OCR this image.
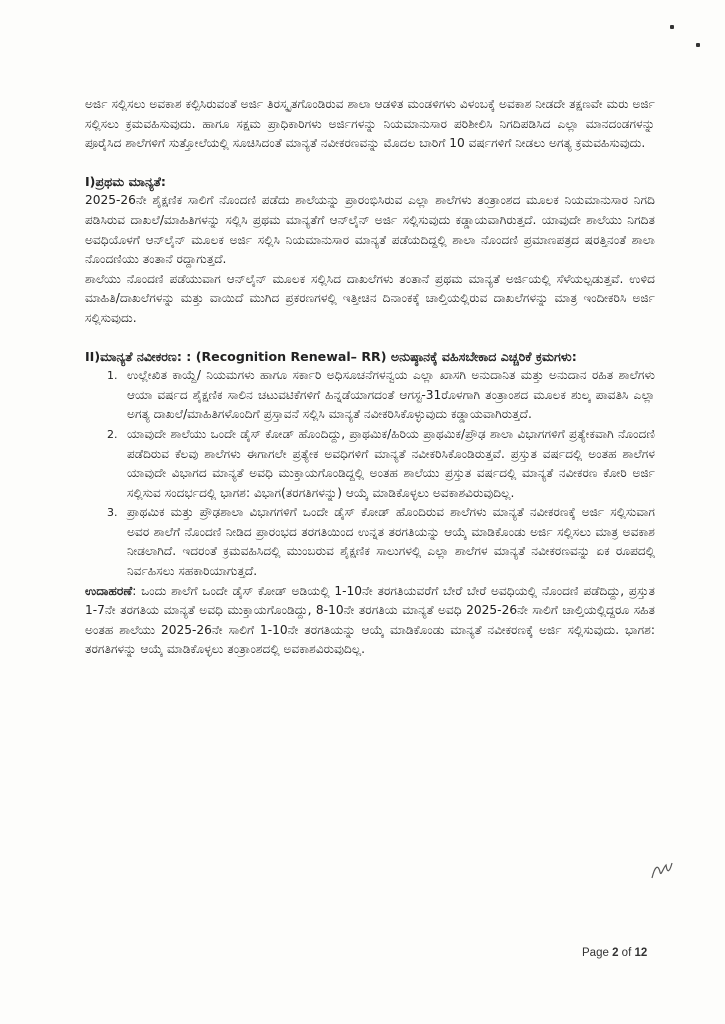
ಅರ್ಜಿ ಸಲ್ಲಿಸಲು ಅವಕಾಶ ಕಲ್ಪಿಸಿರುವಂತೆ ಅರ್ಜಿ ತಿರಸ್ಕೃತಗೊಂಡಿರುವ ಶಾಲಾ ಆಡಳಿತ ಮಂಡಳಿಗಳು ವಿಳಂಬಕ್ಕೆ ಅವಕಾಶ ನೀಡದೇ ತಕ್ಷಣವೇ ಮರು ಅರ್ಜಿ ಸಲ್ಲಿಸಲು ಕ್ರಮವಹಿಸುವುದು. ಹಾಗೂ ಸಕ್ಷಮ ಪ್ರಾಧಿಕಾರಿಗಳು ಅರ್ಜಿಗಳನ್ನು ನಿಯಮಾನುಸಾರ ಪರಿಶೀಲಿಸಿ ನಿಗದಿಪಡಿಸಿದ ಎಲ್ಲಾ ಮಾನದಂಡಗಳನ್ನು ಪೂರೈಸಿದ ಶಾಲೆಗಳಿಗೆ ಸುತ್ತೋಲೆಯಲ್ಲಿ ಸೂಚಿಸಿದಂತೆ ಮಾನ್ಯತೆ ನವೀಕರಣವನ್ನು ಮೊದಲ ಬಾರಿಗೆ 10 ವರ್ಷಗಳಿಗೆ ನೀಡಲು ಅಗತ್ಯ ಕ್ರಮವಹಿಸುವುದು.

I)ಪ್ರಥಮ ಮಾನ್ಯತೆ:

2025-26ನೇ ಶೈಕ್ಷಣಿಕ ಸಾಲಿಗೆ ನೊಂದಣಿ ಪಡೆದು ಶಾಲೆಯನ್ನು ಪ್ರಾರಂಭಿಸಿರುವ ಎಲ್ಲಾ ಶಾಲೆಗಳು ತಂತ್ರಾಂಶದ ಮೂಲಕ ನಿಯಮಾನುಸಾರ ನಿಗದಿ ಪಡಿಸಿರುವ ದಾಖಲೆ/ಮಾಹಿತಿಗಳನ್ನು ಸಲ್ಲಿಸಿ ಪ್ರಥಮ ಮಾನ್ಯತೆಗೆ ಆನ್‌ಲೈನ್ ಅರ್ಜಿ ಸಲ್ಲಿಸುವುದು ಕಡ್ಡಾಯವಾಗಿರುತ್ತದೆ. ಯಾವುದೇ ಶಾಲೆಯು ನಿಗದಿತ ಅವಧಿಯೊಳಗೆ ಆನ್‌ಲೈನ್ ಮೂಲಕ ಅರ್ಜಿ ಸಲ್ಲಿಸಿ ನಿಯಮಾನುಸಾರ ಮಾನ್ಯತೆ ಪಡೆಯದಿದ್ದಲ್ಲಿ ಶಾಲಾ ನೊಂದಣಿ ಪ್ರಮಾಣಪತ್ರದ ಷರತ್ತಿನಂತೆ ಶಾಲಾ ನೊಂದಣಿಯು ತಂತಾನೆ ರದ್ದಾಗುತ್ತದೆ.

ಶಾಲೆಯು ನೊಂದಣಿ ಪಡೆಯುವಾಗ ಆನ್‌ಲೈನ್ ಮೂಲಕ ಸಲ್ಲಿಸಿದ ದಾಖಲೆಗಳು ತಂತಾನೆ ಪ್ರಥಮ ಮಾನ್ಯತೆ ಅರ್ಜಿಯಲ್ಲಿ ಸೆಳೆಯಲ್ಪಡುತ್ತವೆ. ಉಳಿದ ಮಾಹಿತಿ/ದಾಖಲೆಗಳನ್ನು ಮತ್ತು ವಾಯಿದೆ ಮುಗಿದ ಪ್ರಕರಣಗಳಲ್ಲಿ ಇತ್ತೀಚಿನ ದಿನಾಂಕಕ್ಕೆ ಚಾಲ್ತಿಯಲ್ಲಿರುವ ದಾಖಲೆಗಳನ್ನು ಮಾತ್ರ ಇಂದೀಕರಿಸಿ ಅರ್ಜಿ ಸಲ್ಲಿಸುವುದು.

II)ಮಾನ್ಯತೆ ನವೀಕರಣ: : (Recognition Renewal– RR) ಅನುಷ್ಠಾನಕ್ಕೆ ವಹಿಸಬೇಕಾದ ಎಚ್ಚರಿಕೆ ಕ್ರಮಗಳು:

1. ಉಲ್ಲೇಖಿತ ಕಾಯ್ದೆ/ ನಿಯಮಗಳು ಹಾಗೂ ಸರ್ಕಾರಿ ಅಧಿಸೂಚನೆಗಳನ್ವಯ ಎಲ್ಲಾ ಖಾಸಗಿ ಅನುದಾನಿತ ಮತ್ತು ಅನುದಾನ ರಹಿತ ಶಾಲೆಗಳು ಆಯಾ ವರ್ಷದ ಶೈಕ್ಷಣಿಕ ಸಾಲಿನ ಚಟುವಟಿಕೆಗಳಿಗೆ ಹಿನ್ನಡೆಯಾಗದಂತೆ ಆಗಸ್ಟ-31ರೊಳಗಾಗಿ ತಂತ್ರಾಂಶದ ಮೂಲಕ ಶುಲ್ಕ ಪಾವತಿಸಿ ಎಲ್ಲಾ ಅಗತ್ಯ ದಾಖಲೆ/ಮಾಹಿತಿಗಳೊಂದಿಗೆ ಪ್ರಸ್ತಾವನೆ ಸಲ್ಲಿಸಿ ಮಾನ್ಯತೆ ನವೀಕರಿಸಿಕೊಳ್ಳುವುದು ಕಡ್ಡಾಯವಾಗಿರುತ್ತದೆ.
2. ಯಾವುದೇ ಶಾಲೆಯು ಒಂದೇ ಡೈಸ್ ಕೋಡ್ ಹೊಂದಿದ್ದು, ಪ್ರಾಥಮಿಕ/ಹಿರಿಯ ಪ್ರಾಥಮಿಕ/ಪ್ರೌಢ ಶಾಲಾ ವಿಭಾಗಗಳಿಗೆ ಪ್ರತ್ಯೇಕವಾಗಿ ನೊಂದಣಿ ಪಡೆದಿರುವ ಕೆಲವು ಶಾಲೆಗಳು ಈಗಾಗಲೇ ಪ್ರತ್ಯೇಕ ಅವಧಿಗಳಿಗೆ ಮಾನ್ಯತೆ ನವೀಕರಿಸಿಕೊಂಡಿರುತ್ತವೆ. ಪ್ರಸ್ತುತ ವರ್ಷದಲ್ಲಿ ಅಂತಹ ಶಾಲೆಗಳ ಯಾವುದೇ ವಿಭಾಗದ ಮಾನ್ಯತೆ ಅವಧಿ ಮುಕ್ತಾಯಗೊಂಡಿದ್ದಲ್ಲಿ ಅಂತಹ ಶಾಲೆಯು ಪ್ರಸ್ತುತ ವರ್ಷದಲ್ಲಿ ಮಾನ್ಯತೆ ನವೀಕರಣ ಕೋರಿ ಅರ್ಜಿ ಸಲ್ಲಿಸುವ ಸಂದರ್ಭದಲ್ಲಿ ಭಾಗಶ: ವಿಭಾಗ(ತರಗತಿಗಳನ್ನು) ಆಯ್ಕೆ ಮಾಡಿಕೊಳ್ಳಲು ಅವಕಾಶವಿರುವುದಿಲ್ಲ.
3. ಪ್ರಾಥಮಿಕ ಮತ್ತು ಪ್ರೌಢಶಾಲಾ ವಿಭಾಗಗಳಿಗೆ ಒಂದೇ ಡೈಸ್ ಕೋಡ್ ಹೊಂದಿರುವ ಶಾಲೆಗಳು ಮಾನ್ಯತೆ ನವೀಕರಣಕ್ಕೆ ಅರ್ಜಿ ಸಲ್ಲಿಸುವಾಗ ಅವರ ಶಾಲೆಗೆ ನೊಂದಣಿ ನೀಡಿದ ಪ್ರಾರಂಭದ ತರಗತಿಯಿಂದ ಉನ್ನತ ತರಗತಿಯನ್ನು ಆಯ್ಕೆ ಮಾಡಿಕೊಂಡು ಅರ್ಜಿ ಸಲ್ಲಿಸಲು ಮಾತ್ರ ಅವಕಾಶ ನೀಡಲಾಗಿದೆ. ಇದರಂತೆ ಕ್ರಮವಹಿಸಿದಲ್ಲಿ ಮುಂಬರುವ ಶೈಕ್ಷಣಿಕ ಸಾಲುಗಳಲ್ಲಿ ಎಲ್ಲಾ ಶಾಲೆಗಳ ಮಾನ್ಯತೆ ನವೀಕರಣವನ್ನು ಏಕ ರೂಪದಲ್ಲಿ ನಿರ್ವಹಿಸಲು ಸಹಕಾರಿಯಾಗುತ್ತದೆ.

ಉದಾಹರಣೆ: ಒಂದು ಶಾಲೆಗೆ ಒಂದೇ ಡೈಸ್ ಕೋಡ್ ಅಡಿಯಲ್ಲಿ 1-10ನೇ ತರಗತಿಯವರೆಗೆ ಬೇರೆ ಬೇರೆ ಅವಧಿಯಲ್ಲಿ ನೊಂದಣಿ ಪಡೆದಿದ್ದು, ಪ್ರಸ್ತುತ 1-7ನೇ ತರಗತಿಯ ಮಾನ್ಯತೆ ಅವಧಿ ಮುಕ್ತಾಯಗೊಂಡಿದ್ದು, 8-10ನೇ ತರಗತಿಯ ಮಾನ್ಯತೆ ಅವಧಿ 2025-26ನೇ ಸಾಲಿಗೆ ಚಾಲ್ತಿಯಲ್ಲಿದ್ದರೂ ಸಹಿತ ಅಂತಹ ಶಾಲೆಯು 2025-26ನೇ ಸಾಲಿಗೆ 1-10ನೇ ತರಗತಿಯನ್ನು ಆಯ್ಕೆ ಮಾಡಿಕೊಂಡು ಮಾನ್ಯತೆ ನವೀಕರಣಕ್ಕೆ ಅರ್ಜಿ ಸಲ್ಲಿಸುವುದು. ಭಾಗಶ: ತರಗತಿಗಳನ್ನು ಆಯ್ಕೆ ಮಾಡಿಕೊಳ್ಳಲು ತಂತ್ರಾಂಶದಲ್ಲಿ ಅವಕಾಶವಿರುವುದಿಲ್ಲ.

Page 2 of 12
